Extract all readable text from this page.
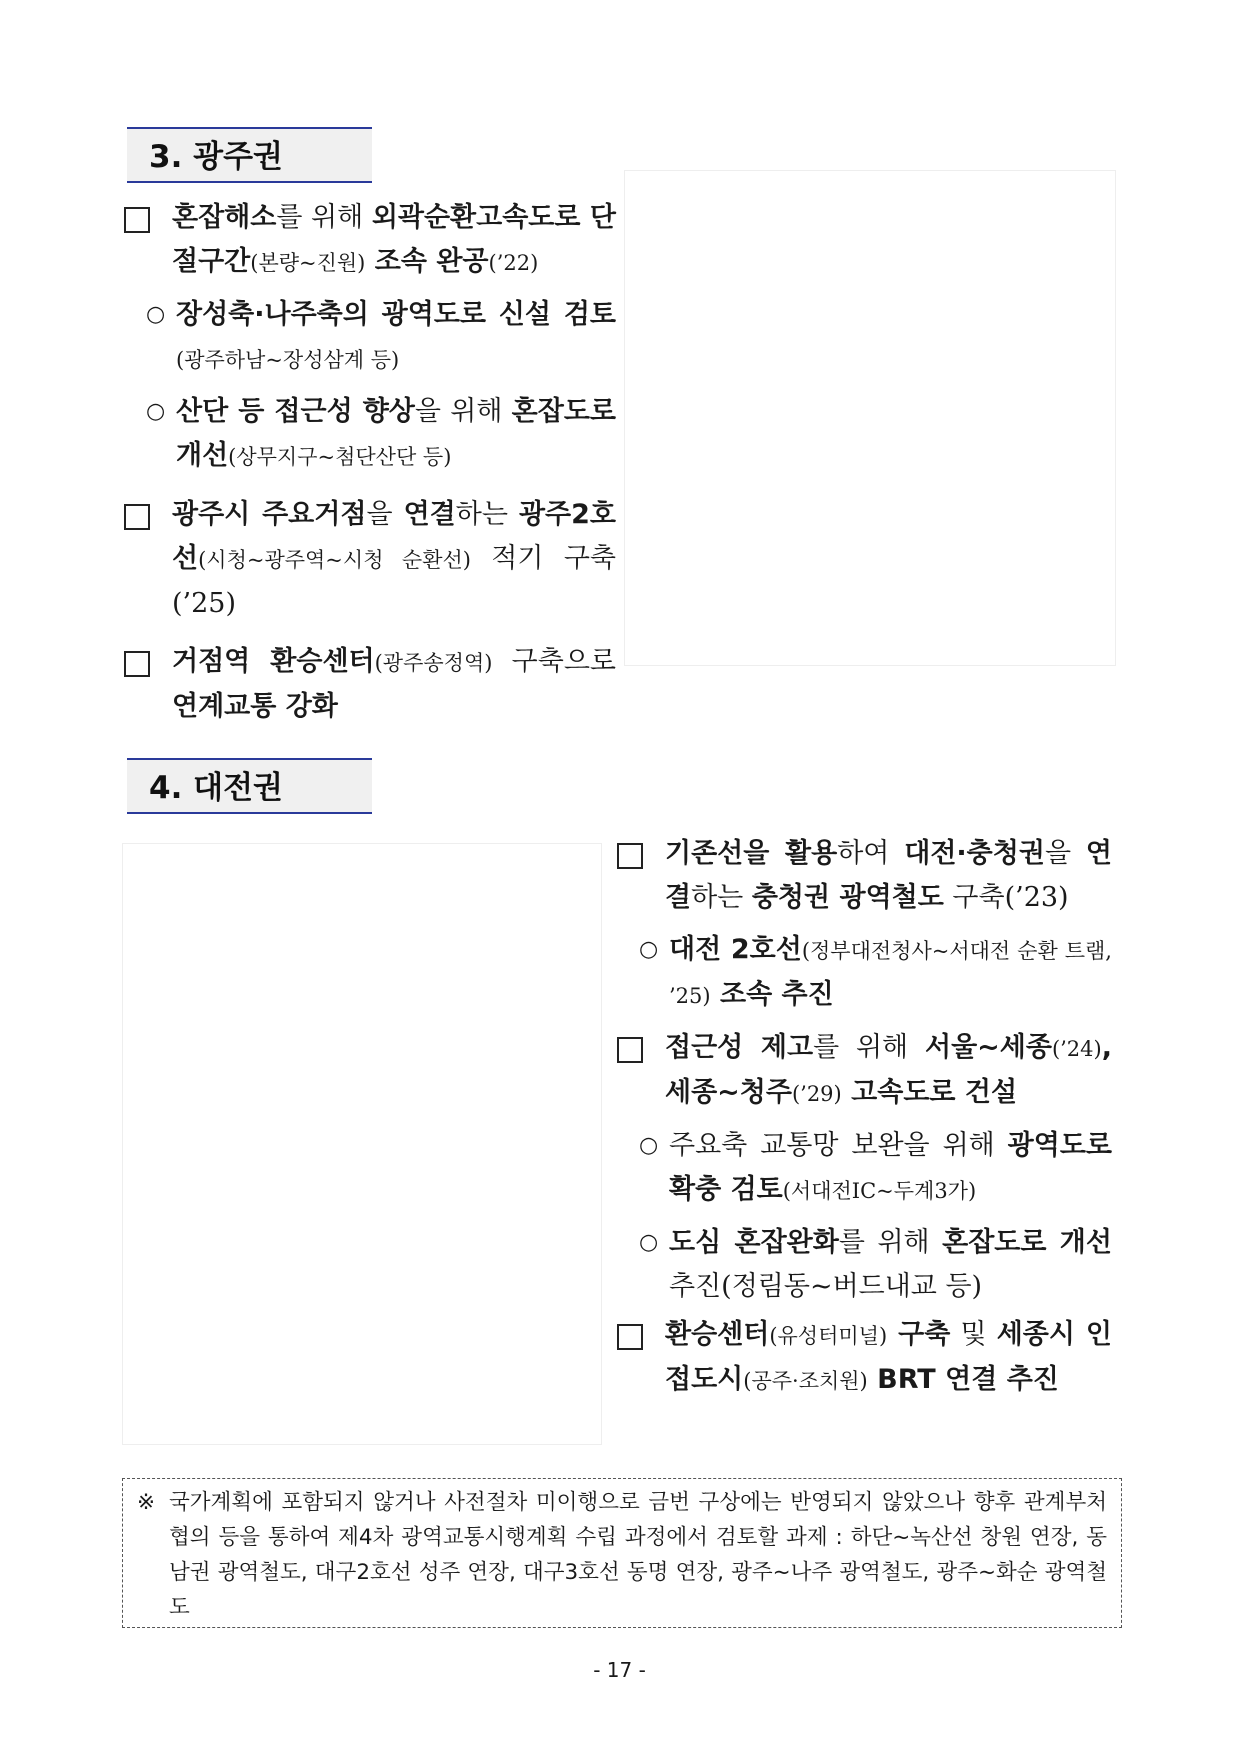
3. 광주권
혼잡해소를 위해 외곽순환고속도로 단절구간(본량~진원) 조속 완공(’22)
○ 장성축·나주축의 광역도로 신설 검토(광주하남~장성삼계 등)
○ 산단 등 접근성 향상을 위해 혼잡도로 개선(상무지구~첨단산단 등)
광주시 주요거점을 연결하는 광주2호선(시청~광주역~시청 순환선) 적기 구축(’25)
거점역 환승센터(광주송정역) 구축으로 연계교통 강화
4. 대전권
기존선을 활용하여 대전·충청권을 연결하는 충청권 광역철도 구축(’23)
○ 대전 2호선(정부대전청사~서대전 순환 트램, ’25) 조속 추진
접근성 제고를 위해 서울~세종(’24), 세종~청주(’29) 고속도로 건설
○ 주요축 교통망 보완을 위해 광역도로 확충 검토(서대전IC~두계3가)
○ 도심 혼잡완화를 위해 혼잡도로 개선 추진(정림동~버드내교 등)
환승센터(유성터미널) 구축 및 세종시 인접도시(공주·조치원) BRT 연결 추진
※ 국가계획에 포함되지 않거나 사전절차 미이행으로 금번 구상에는 반영되지 않았으나 향후 관계부처 협의 등을 통하여 제4차 광역교통시행계획 수립 과정에서 검토할 과제 : 하단~녹산선 창원 연장, 동남권 광역철도, 대구2호선 성주 연장, 대구3호선 동명 연장, 광주~나주 광역철도, 광주~화순 광역철도
- 17 -
